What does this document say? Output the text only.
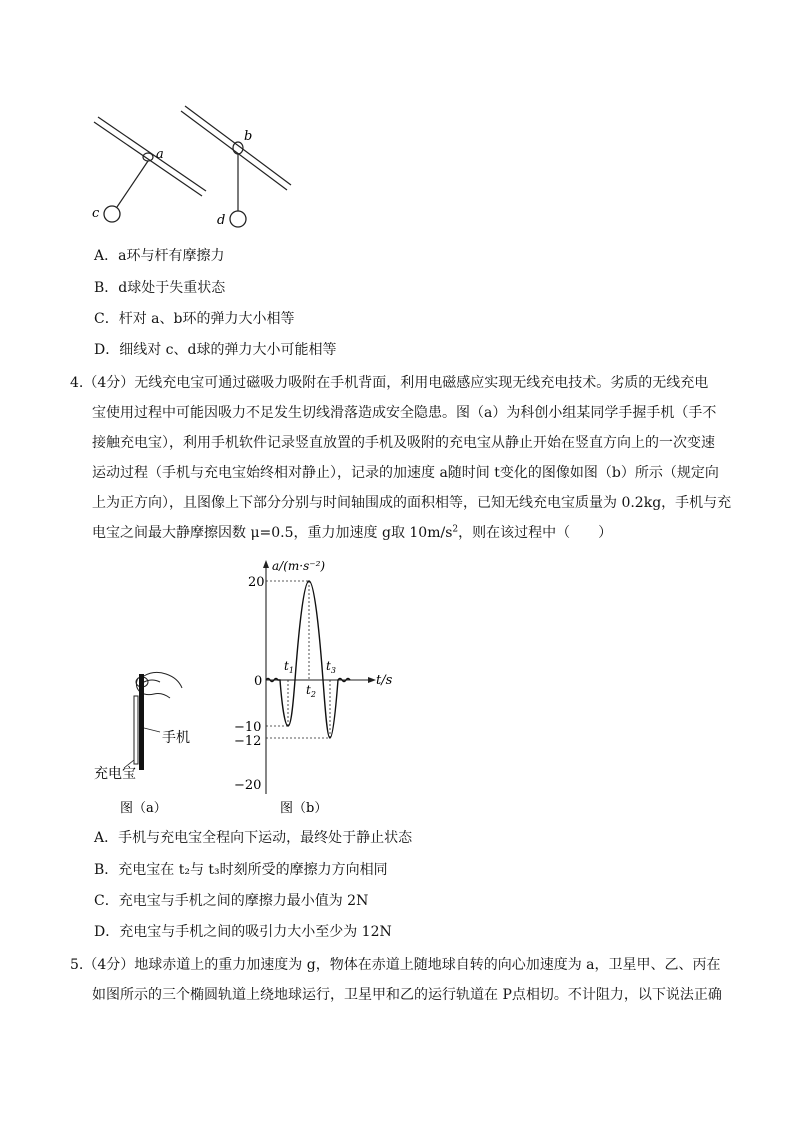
a
c
b
d
A．a环与杆有摩擦力
B．d球处于失重状态
C．杆对 a、b环的弹力大小相等
D．细线对 c、d球的弹力大小可能相等
4.（4分）无线充电宝可通过磁吸力吸附在手机背面，利用电磁感应实现无线充电技术。劣质的无线充电
宝使用过程中可能因吸力不足发生切线滑落造成安全隐患。图（a）为科创小组某同学手握手机（手不
接触充电宝），利用手机软件记录竖直放置的手机及吸附的充电宝从静止开始在竖直方向上的一次变速
运动过程（手机与充电宝始终相对静止），记录的加速度 a随时间 t变化的图像如图（b）所示（规定向
上为正方向），且图像上下部分分别与时间轴围成的面积相等，已知无线充电宝质量为 0.2kg，手机与充
电宝之间最大静摩擦因数 μ=0.5，重力加速度 g取 $10m/s^2$，则在该过程中（　　）
手机
充电宝
图（a）
a/(m·s⁻²)
t/s
20
0
−10
−12
−20
$t_1$
$t_2$
$t_3$
图（b）
A．手机与充电宝全程向下运动，最终处于静止状态
B．充电宝在 t₂与 t₃时刻所受的摩擦力方向相同
C．充电宝与手机之间的摩擦力最小值为 2N
D．充电宝与手机之间的吸引力大小至少为 12N
5.（4分）地球赤道上的重力加速度为 g，物体在赤道上随地球自转的向心加速度为 a，卫星甲、乙、丙在
如图所示的三个椭圆轨道上绕地球运行，卫星甲和乙的运行轨道在 P点相切。不计阻力，以下说法正确
